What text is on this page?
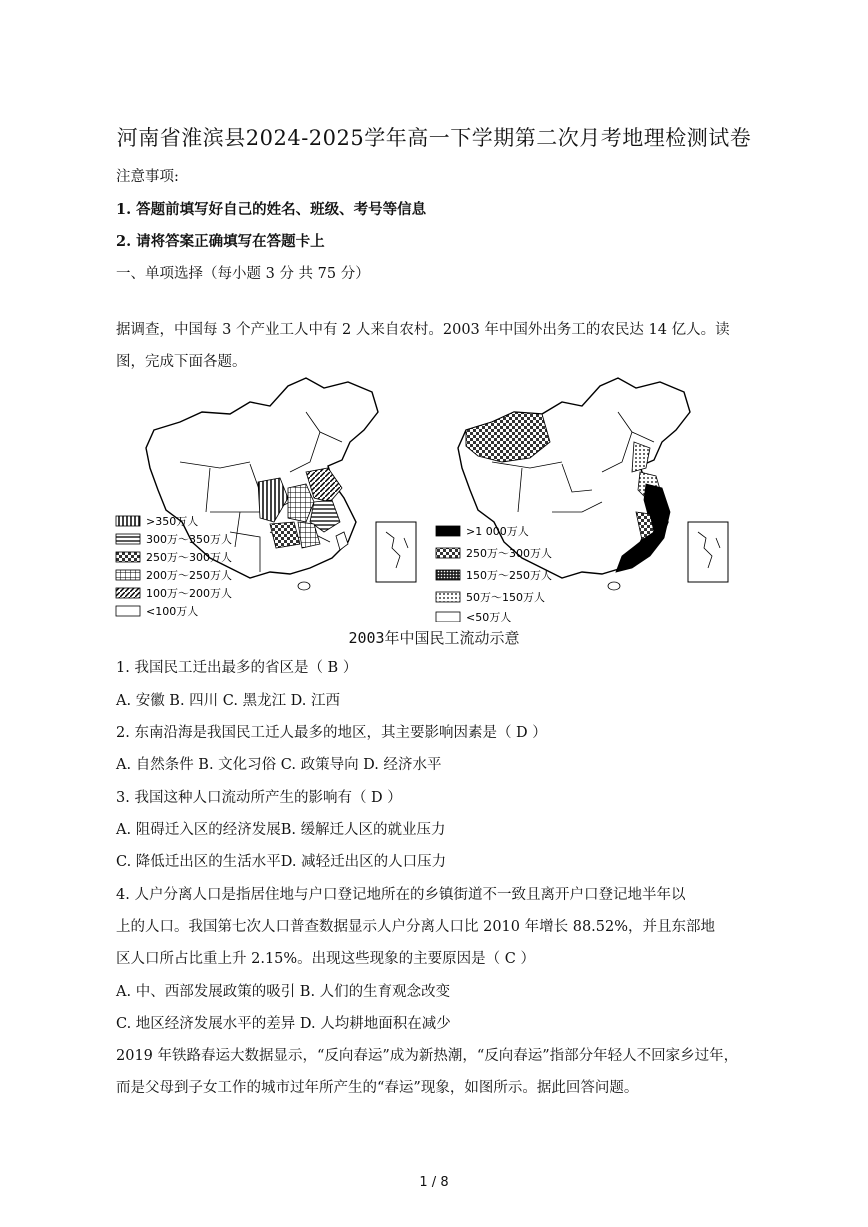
河南省淮滨县2024-2025学年高一下学期第二次月考地理检测试卷
注意事项:
1. 答题前填写好自己的姓名、班级、考号等信息
2. 请将答案正确填写在答题卡上
一、单项选择（每小题 3 分 共 75 分）
据调查，中国每 3 个产业工人中有 2 人来自农村。2003 年中国外出务工的农民达 14 亿人。读
图，完成下面各题。
>350万人
300万～350万人
250万～300万人
200万～250万人
100万～200万人
<100万人
>1 000万人
250万～300万人
150万～250万人
50万～150万人
<50万人
2003年中国民工流动示意
1. 我国民工迁出最多的省区是（ B ）
A. 安徽 B. 四川 C. 黑龙江 D. 江西
2. 东南沿海是我国民工迁人最多的地区，其主要影响因素是（ D ）
A. 自然条件 B. 文化习俗 C. 政策导向 D. 经济水平
3. 我国这种人口流动所产生的影响有（ D ）
A. 阻碍迁入区的经济发展B. 缓解迁人区的就业压力
C. 降低迁出区的生活水平D. 减轻迁出区的人口压力
4. 人户分离人口是指居住地与户口登记地所在的乡镇街道不一致且离开户口登记地半年以
上的人口。我国第七次人口普查数据显示人户分离人口比 2010 年增长 88.52%，并且东部地
区人口所占比重上升 2.15%。出现这些现象的主要原因是（ C ）
A. 中、西部发展政策的吸引 B. 人们的生育观念改变
C. 地区经济发展水平的差异 D. 人均耕地面积在减少
2019 年铁路春运大数据显示，“反向春运”成为新热潮，“反向春运”指部分年轻人不回家乡过年，
而是父母到子女工作的城市过年所产生的“春运”现象，如图所示。据此回答问题。
1 / 8
